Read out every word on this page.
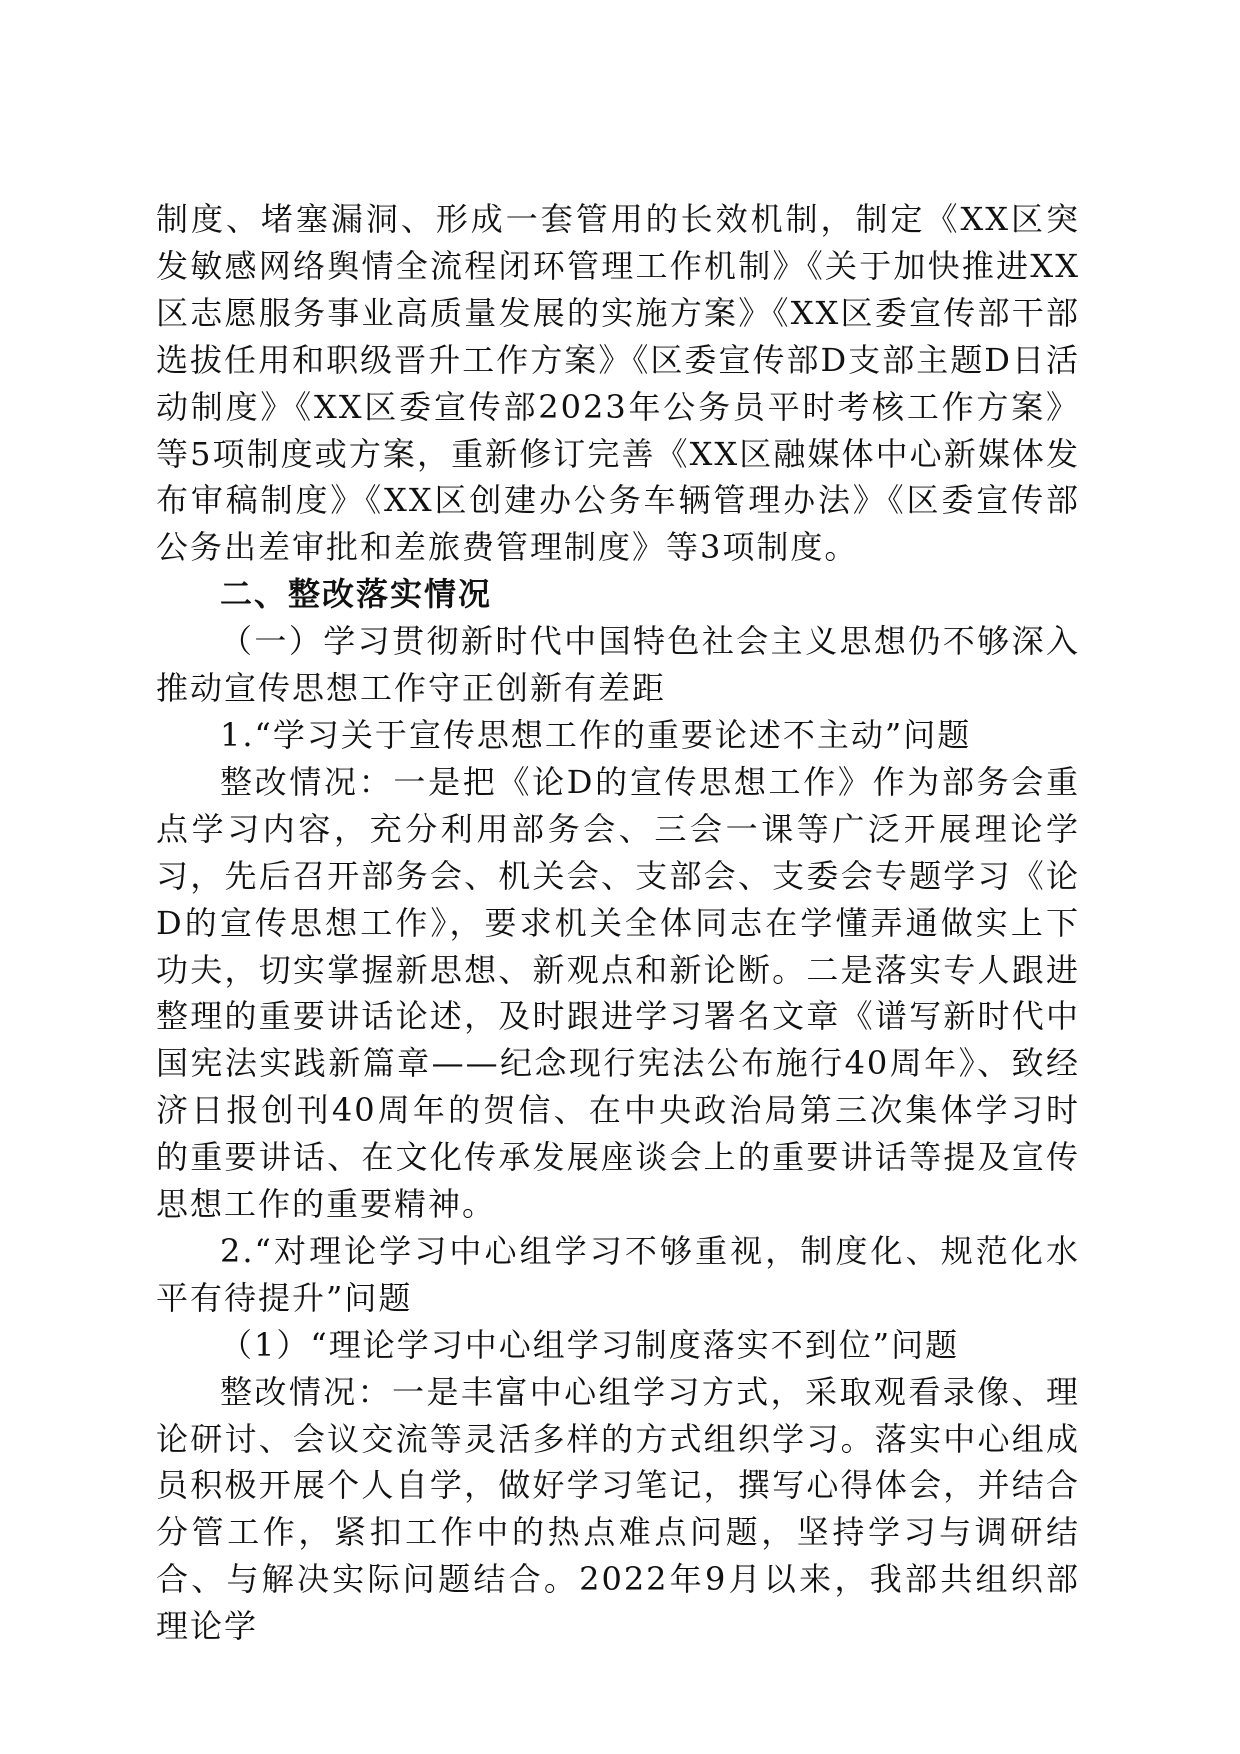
制度、堵塞漏洞、形成一套管用的长效机制，制定《XX区突发敏感网络舆情全流程闭环管理工作机制》《关于加快推进XX区志愿服务事业高质量发展的实施方案》《XX区委宣传部干部选拔任用和职级晋升工作方案》《区委宣传部D支部主题D日活动制度》《XX区委宣传部2023年公务员平时考核工作方案》等5项制度或方案，重新修订完善《XX区融媒体中心新媒体发布审稿制度》《XX区创建办公务车辆管理办法》《区委宣传部公务出差审批和差旅费管理制度》等3项制度。

二、整改落实情况

（一）学习贯彻新时代中国特色社会主义思想仍不够深入推动宣传思想工作守正创新有差距

1.“学习关于宣传思想工作的重要论述不主动”问题

整改情况：一是把《论D的宣传思想工作》作为部务会重点学习内容，充分利用部务会、三会一课等广泛开展理论学习，先后召开部务会、机关会、支部会、支委会专题学习《论D的宣传思想工作》，要求机关全体同志在学懂弄通做实上下功夫，切实掌握新思想、新观点和新论断。二是落实专人跟进整理的重要讲话论述，及时跟进学习署名文章《谱写新时代中国宪法实践新篇章——纪念现行宪法公布施行40周年》、致经济日报创刊40周年的贺信、在中央政治局第三次集体学习时的重要讲话、在文化传承发展座谈会上的重要讲话等提及宣传思想工作的重要精神。

2.“对理论学习中心组学习不够重视，制度化、规范化水平有待提升”问题

（1）“理论学习中心组学习制度落实不到位”问题

整改情况：一是丰富中心组学习方式，采取观看录像、理论研讨、会议交流等灵活多样的方式组织学习。落实中心组成员积极开展个人自学，做好学习笔记，撰写心得体会，并结合分管工作，紧扣工作中的热点难点问题，坚持学习与调研结合、与解决实际问题结合。2022年9月以来，我部共组织部理论学
